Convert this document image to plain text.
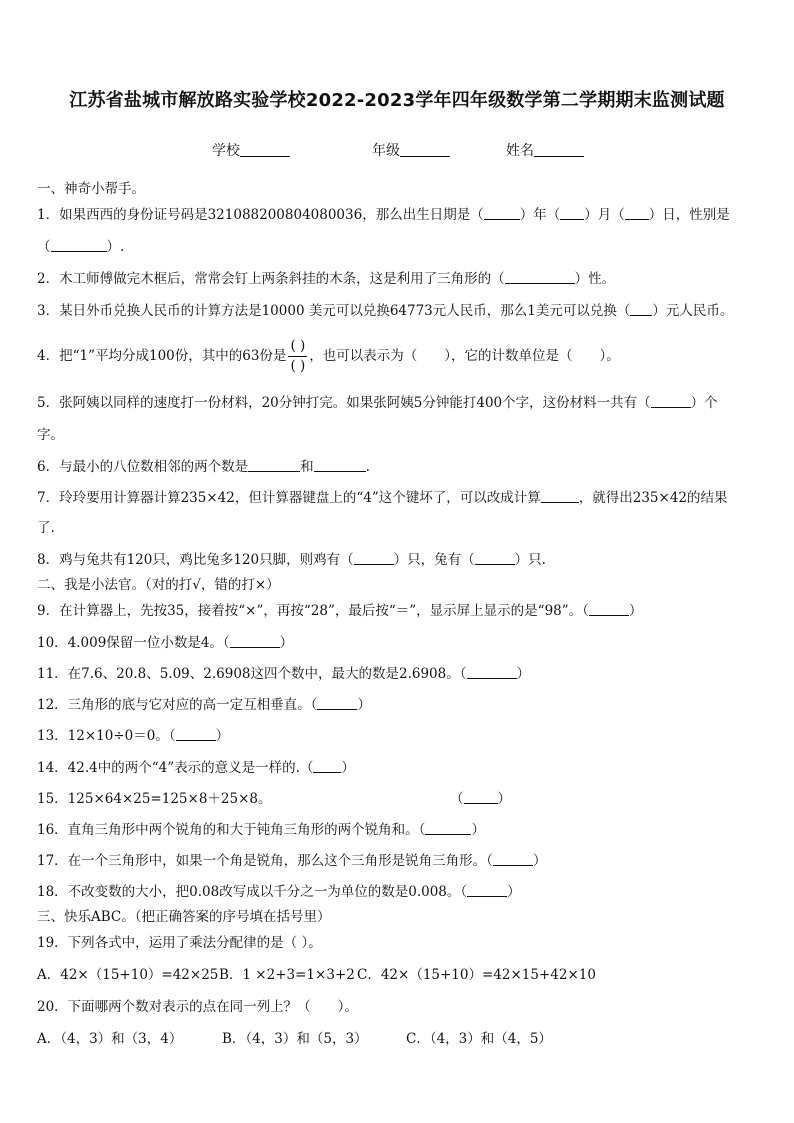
江苏省盐城市解放路实验学校2022-2023学年四年级数学第二学期期末监测试题
学校	年级	姓名
一、神奇小帮手。
1．如果西西的身份证号码是321088200804080036，那么出生日期是（	）年（ ）月（ ）日，性别是
（	）.
2．木工师傅做完木框后，常常会钉上两条斜挂的木条，这是利用了三角形的（	）性。
3．某日外币兑换人民币的计算方法是10000 美元可以兑换64773元人民币，那么1美元可以兑换（ ）元人民币。
4．把“1”平均分成100份，其中的63份是 $\frac{( )}{( )}$ ，也可以表示为（　　），它的计数单位是（　　）。
5．张阿姨以同样的速度打一份材料，20分钟打完。如果张阿姨5分钟能打400个字，这份材料一共有（	）个
字。
6．与最小的八位数相邻的两个数是	和	.
7．玲玲要用计算器计算235×42，但计算器键盘上的“4”这个键坏了，可以改成计算	，就得出235×42的结果
了.
8．鸡与兔共有120只，鸡比兔多120只脚，则鸡有（	）只，兔有（	）只.
二、我是小法官。（对的打√，错的打×）
9．在计算器上，先按35，接着按“×”，再按“28”，最后按“＝”，显示屏上显示的是“98”。（	）
10．4.009保留一位小数是4。（	）
11．在7.6、20.8、5.09、2.6908这四个数中，最大的数是2.6908。（	）
12．三角形的底与它对应的高一定互相垂直。（	）
13．12×10÷0＝0。（	）
14．42.4中的两个“4”表示的意义是一样的.（ ）
15．125×64×25=125×8＋25×8。	（	）
16．直角三角形中两个锐角的和大于钝角三角形的两个锐角和。（	）
17．在一个三角形中，如果一个角是锐角，那么这个三角形是锐角三角形。（	）
18．不改变数的大小，把0.08改写成以千分之一为单位的数是0.008。（	）
三、快乐ABC。（把正确答案的序号填在括号里）
19．下列各式中，运用了乘法分配律的是（ ）。
A．42×（15+10）=42×25 B．1 ×2+3=1×3+2 C．42×（15+10）=42×15+42×10
20．下面哪两个数对表示的点在同一列上？（　　）。
A．（4，3）和（3，4）	B．（4，3）和（5，3）	C．（4，3）和（4，5）
